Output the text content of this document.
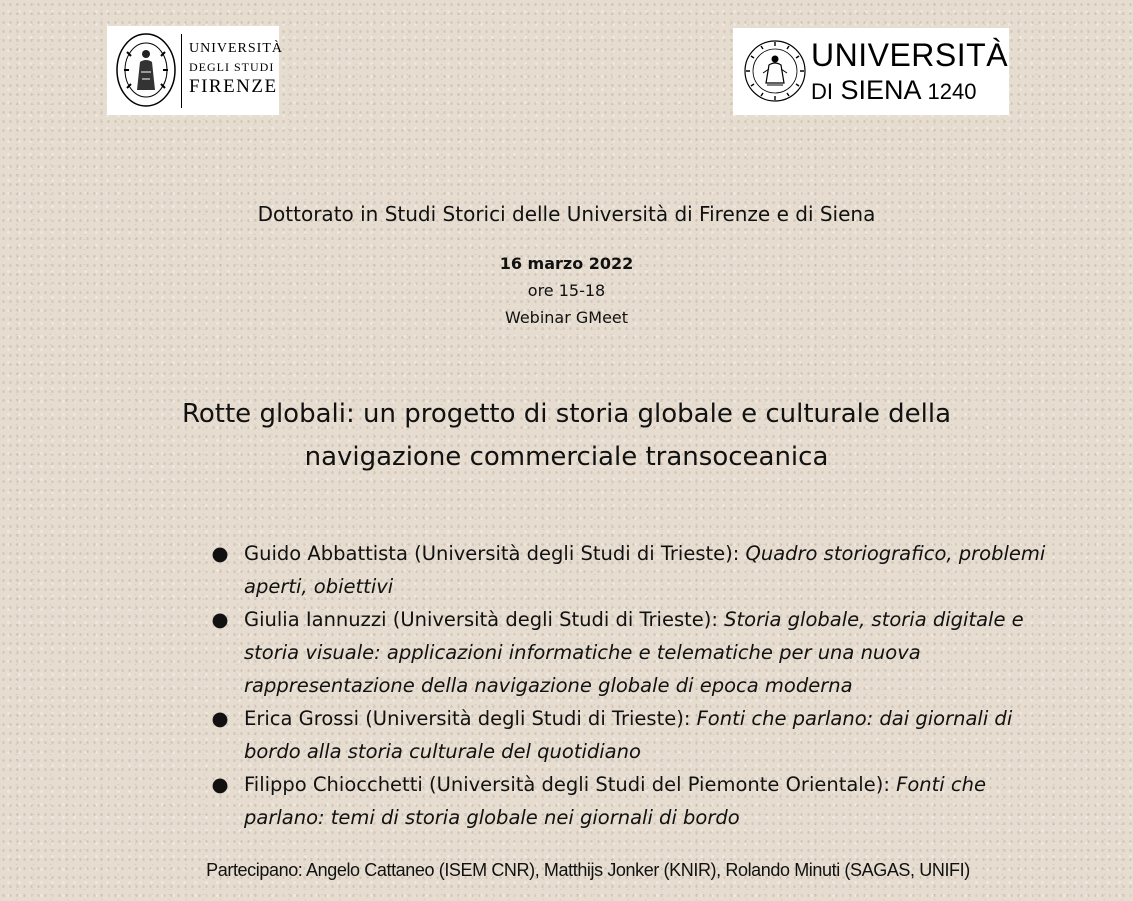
UNIVERSITÀ
DEGLI STUDI
FIRENZE
UNIVERSITÀ
DI SIENA 1240
Dottorato in Studi Storici delle Università di Firenze e di Siena
16 marzo 2022
ore 15-18
Webinar GMeet
Rotte globali: un progetto di storia globale e culturale della
navigazione commerciale transoceanica
● Guido Abbattista (Università degli Studi di Trieste): Quadro storiografico, problemi aperti, obiettivi
● Giulia Iannuzzi (Università degli Studi di Trieste): Storia globale, storia digitale e storia visuale: applicazioni informatiche e telematiche per una nuova rappresentazione della navigazione globale di epoca moderna
● Erica Grossi (Università degli Studi di Trieste): Fonti che parlano: dai giornali di bordo alla storia culturale del quotidiano
● Filippo Chiocchetti (Università degli Studi del Piemonte Orientale): Fonti che parlano: temi di storia globale nei giornali di bordo
Partecipano: Angelo Cattaneo (ISEM CNR), Matthijs Jonker (KNIR), Rolando Minuti (SAGAS, UNIFI)
